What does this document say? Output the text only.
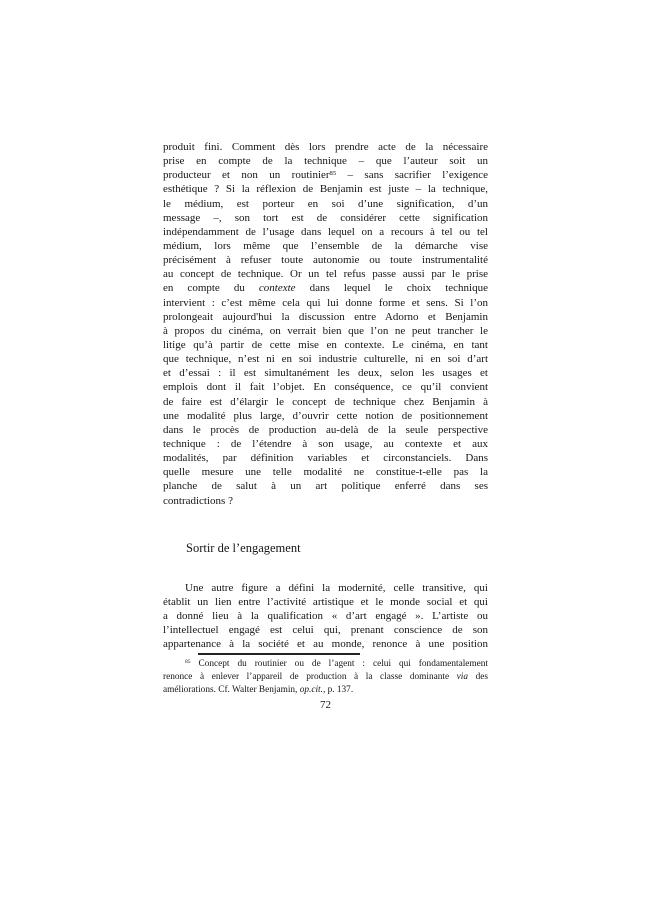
produit fini. Comment dès lors prendre acte de la nécessaire
prise en compte de la technique – que l’auteur soit un
producteur et non un routinier$^{85}$ – sans sacrifier l’exigence
esthétique ? Si la réflexion de Benjamin est juste – la technique,
le médium, est porteur en soi d’une signification, d’un
message –, son tort est de considérer cette signification
indépendamment de l’usage dans lequel on a recours à tel ou tel
médium, lors même que l’ensemble de la démarche vise
précisément à refuser toute autonomie ou toute instrumentalité
au concept de technique. Or un tel refus passe aussi par le prise
en compte du contexte dans lequel le choix technique
intervient : c’est même cela qui lui donne forme et sens. Si l’on
prolongeait aujourd'hui la discussion entre Adorno et Benjamin
à propos du cinéma, on verrait bien que l’on ne peut trancher le
litige qu’à partir de cette mise en contexte. Le cinéma, en tant
que technique, n’est ni en soi industrie culturelle, ni en soi d’art
et d’essai : il est simultanément les deux, selon les usages et
emplois dont il fait l’objet. En conséquence, ce qu’il convient
de faire est d’élargir le concept de technique chez Benjamin à
une modalité plus large, d’ouvrir cette notion de positionnement
dans le procès de production au-delà de la seule perspective
technique : de l’étendre à son usage, au contexte et aux
modalités, par définition variables et circonstanciels. Dans
quelle mesure une telle modalité ne constitue-t-elle pas la
planche de salut à un art politique enferré dans ses
contradictions ?
Sortir de l’engagement
Une autre figure a défini la modernité, celle transitive, qui
établit un lien entre l’activité artistique et le monde social et qui
a donné lieu à la qualification « d’art engagé ». L’artiste ou
l’intellectuel engagé est celui qui, prenant conscience de son
appartenance à la société et au monde, renonce à une position
$^{85}$ Concept du routinier ou de l’agent : celui qui fondamentalement
renonce à enlever l’appareil de production à la classe dominante via des
améliorations. Cf. Walter Benjamin, op.cit., p. 137.
72
